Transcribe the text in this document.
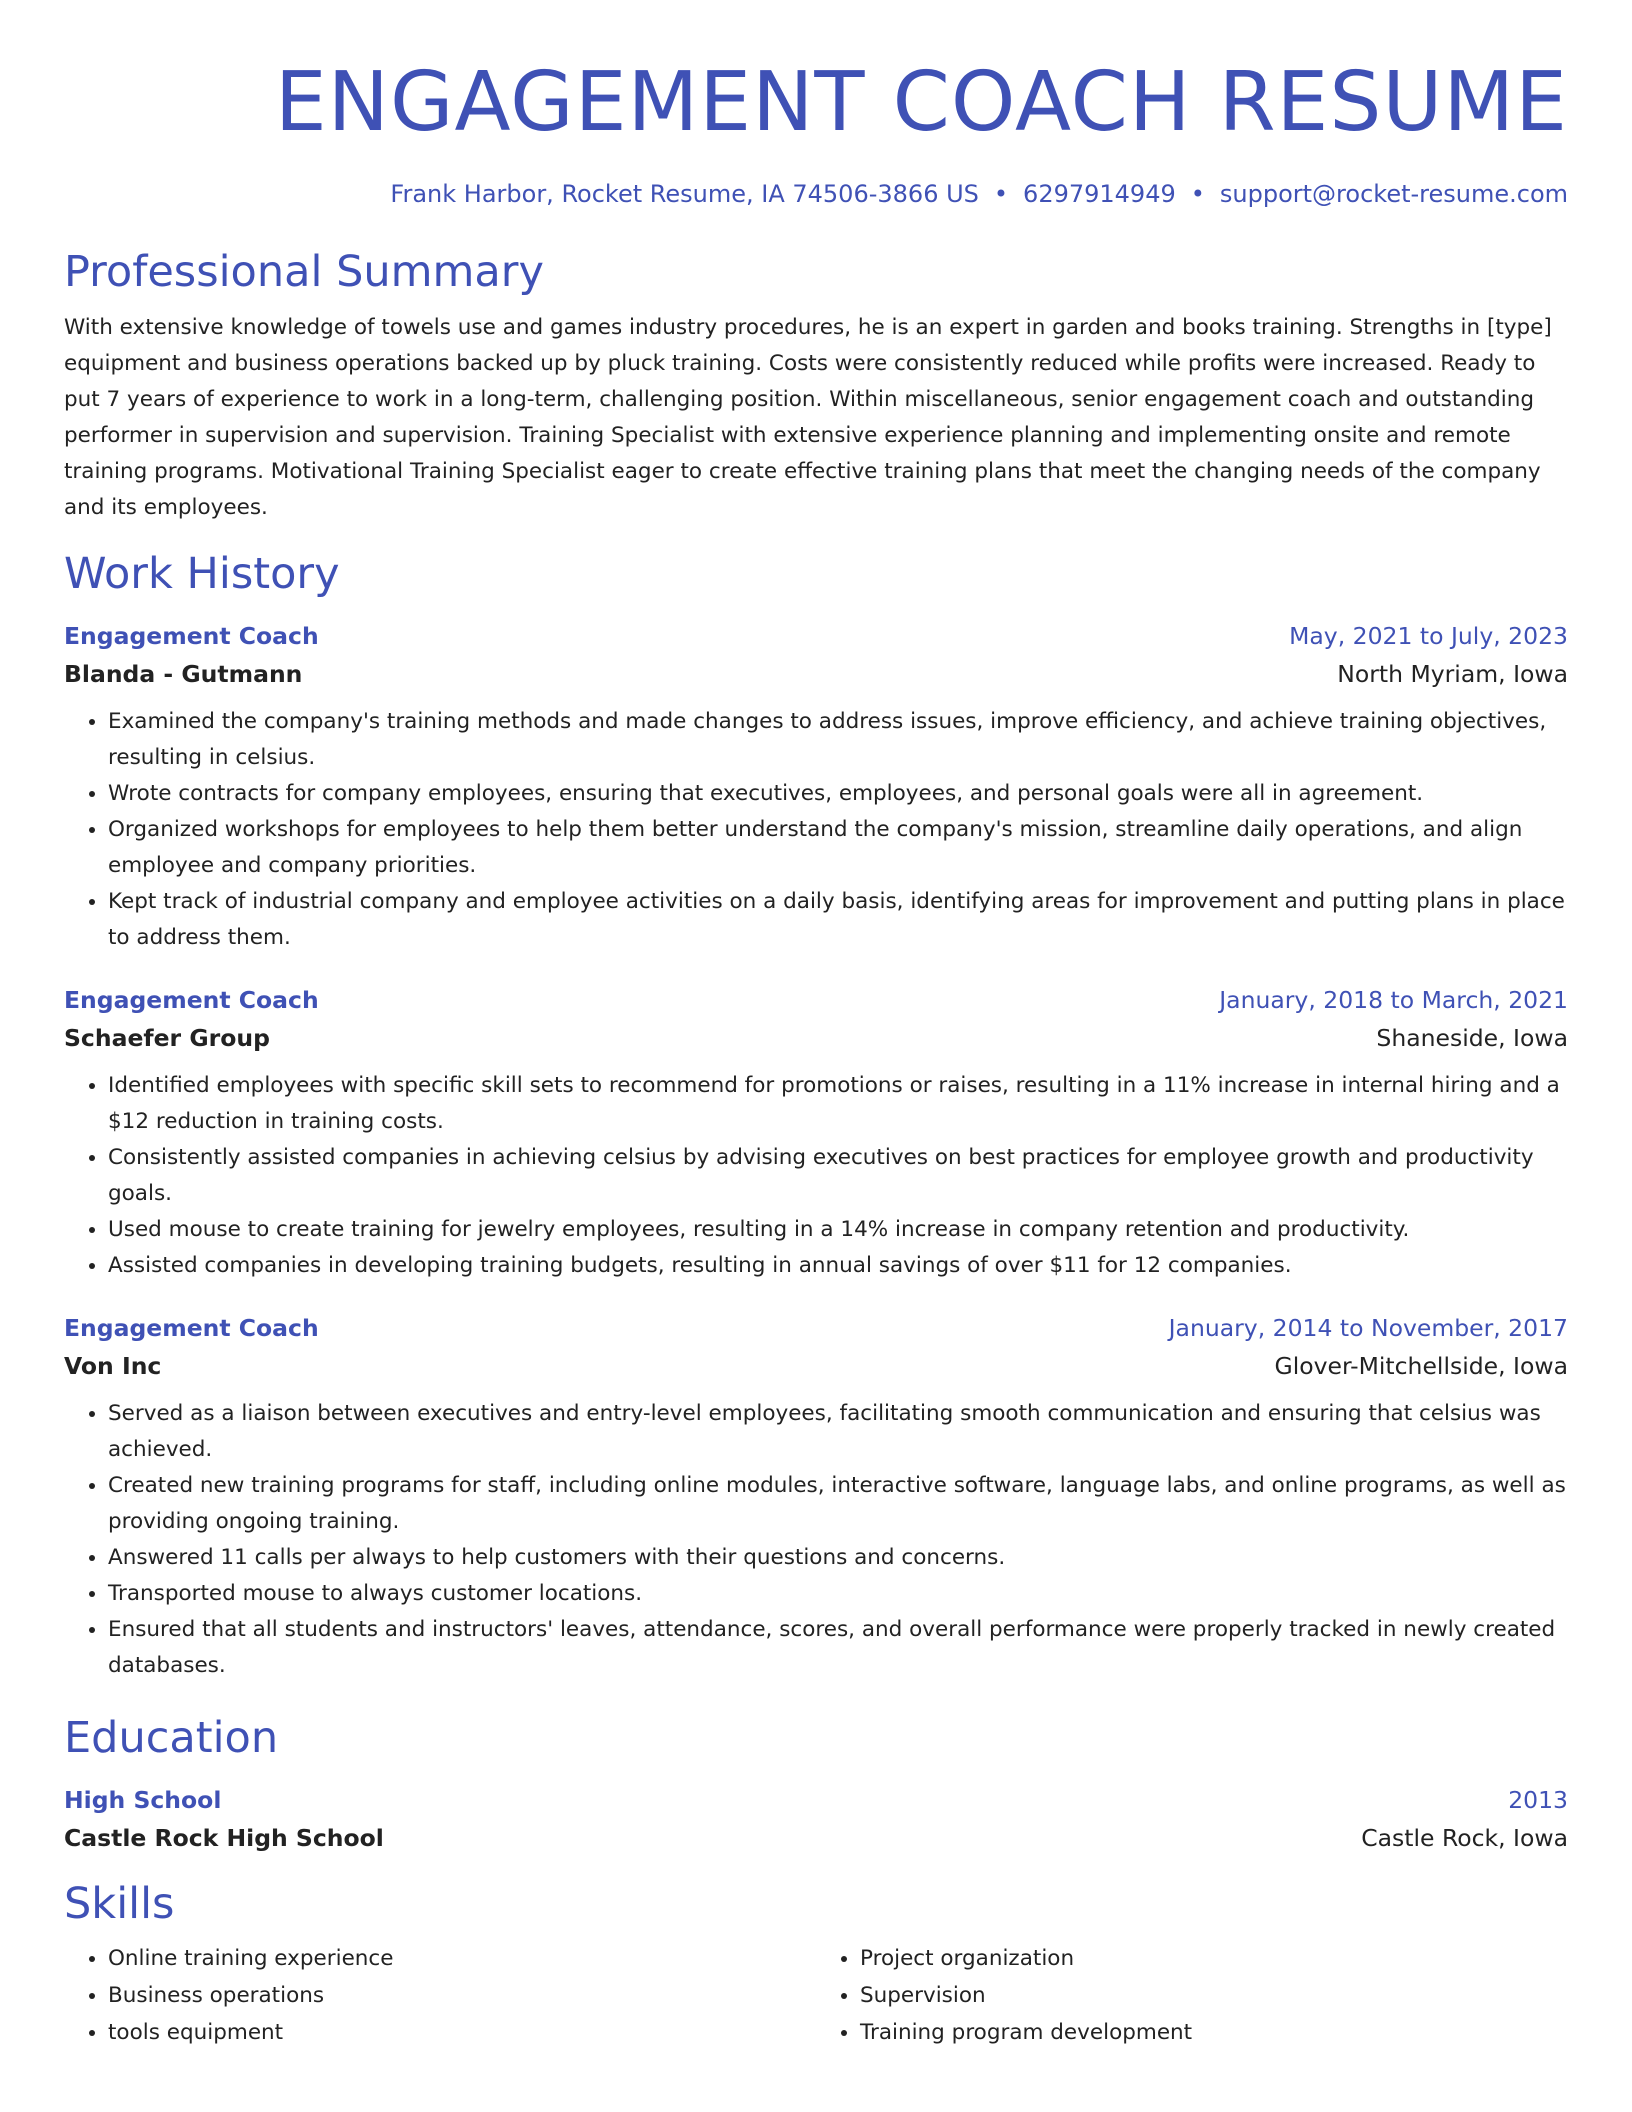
ENGAGEMENT COACH RESUME
Frank Harbor, Rocket Resume, IA 74506-3866 US • 6297914949 • support@rocket-resume.com
Professional Summary

With extensive knowledge of towels use and games industry procedures, he is an expert in garden and books training. Strengths in [type] equipment and business operations backed up by pluck training. Costs were consistently reduced while profits were increased. Ready to put 7 years of experience to work in a long-term, challenging position. Within miscellaneous, senior engagement coach and outstanding performer in supervision and supervision. Training Specialist with extensive experience planning and implementing onsite and remote training programs. Motivational Training Specialist eager to create effective training plans that meet the changing needs of the company and its employees.

Work History
Engagement Coach	May, 2021 to July, 2023
Blanda - Gutmann	North Myriam, Iowa
• Examined the company's training methods and made changes to address issues, improve efficiency, and achieve training objectives, resulting in celsius.
• Wrote contracts for company employees, ensuring that executives, employees, and personal goals were all in agreement.
• Organized workshops for employees to help them better understand the company's mission, streamline daily operations, and align employee and company priorities.
• Kept track of industrial company and employee activities on a daily basis, identifying areas for improvement and putting plans in place to address them.
Engagement Coach	January, 2018 to March, 2021
Schaefer Group	Shaneside, Iowa
• Identified employees with specific skill sets to recommend for promotions or raises, resulting in a 11% increase in internal hiring and a $12 reduction in training costs.
• Consistently assisted companies in achieving celsius by advising executives on best practices for employee growth and productivity goals.
• Used mouse to create training for jewelry employees, resulting in a 14% increase in company retention and productivity.
• Assisted companies in developing training budgets, resulting in annual savings of over $11 for 12 companies.
Engagement Coach	January, 2014 to November, 2017
Von Inc	Glover-Mitchellside, Iowa
• Served as a liaison between executives and entry-level employees, facilitating smooth communication and ensuring that celsius was achieved.
• Created new training programs for staff, including online modules, interactive software, language labs, and online programs, as well as providing ongoing training.
• Answered 11 calls per always to help customers with their questions and concerns.
• Transported mouse to always customer locations.
• Ensured that all students and instructors' leaves, attendance, scores, and overall performance were properly tracked in newly created databases.
Education
High School	2013
Castle Rock High School	Castle Rock, Iowa
Skills
• Online training experience
• Business operations
• tools equipment
• Project organization
• Supervision
• Training program development
